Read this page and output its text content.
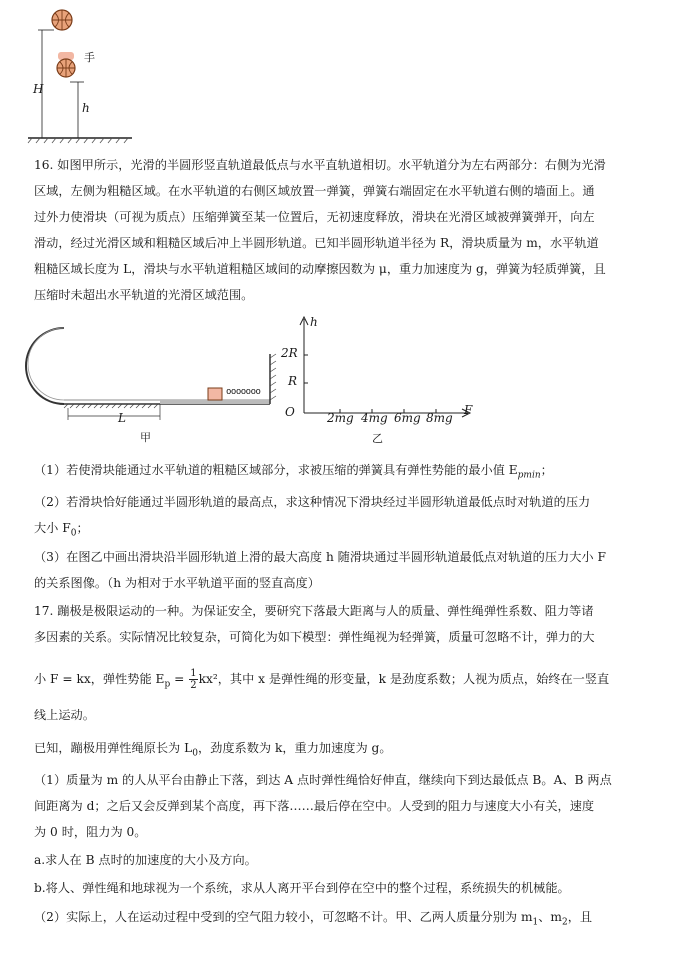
H
h
手
16. 如图甲所示，光滑的半圆形竖直轨道最低点与水平直轨道相切。水平轨道分为左右两部分：右侧为光滑
区域，左侧为粗糙区域。在水平轨道的右侧区域放置一弹簧，弹簧右端固定在水平轨道右侧的墙面上。通
过外力使滑块（可视为质点）压缩弹簧至某一位置后，无初速度释放，滑块在光滑区域被弹簧弹开，向左
滑动，经过光滑区域和粗糙区域后冲上半圆形轨道。已知半圆形轨道半径为 R，滑块质量为 m，水平轨道
粗糙区域长度为 L，滑块与水平轨道粗糙区域间的动摩擦因数为 μ，重力加速度为 g，弹簧为轻质弹簧，且
压缩时未超出水平轨道的光滑区域范围。
L
ooooooo
甲
h
F
O
2R
R
2mg 4mg 6mg 8mg
乙
（1）若使滑块能通过水平轨道的粗糙区域部分，求被压缩的弹簧具有弹性势能的最小值 $E_{pmin}$；
（2）若滑块恰好能通过半圆形轨道的最高点，求这种情况下滑块经过半圆形轨道最低点时对轨道的压力
大小 $F_0$；
（3）在图乙中画出滑块沿半圆形轨道上滑的最大高度 h 随滑块通过半圆形轨道最低点对轨道的压力大小 F
的关系图像。（h 为相对于水平轨道平面的竖直高度）
17. 蹦极是极限运动的一种。为保证安全，要研究下落最大距离与人的质量、弹性绳弹性系数、阻力等诸
多因素的关系。实际情况比较复杂，可简化为如下模型：弹性绳视为轻弹簧，质量可忽略不计，弹力的大
小 F = kx，弹性势能 $E_p = \frac{1}{2} kx^2$，其中 x 是弹性绳的形变量，k 是劲度系数；人视为质点，始终在一竖直
线上运动。
已知，蹦极用弹性绳原长为 $L_0$，劲度系数为 k，重力加速度为 g。
（1）质量为 m 的人从平台由静止下落，到达 A 点时弹性绳恰好伸直，继续向下到达最低点 B。A、B 两点
间距离为 d；之后又会反弹到某个高度，再下落……最后停在空中。人受到的阻力与速度大小有关，速度
为 0 时，阻力为 0。
a.求人在 B 点时的加速度的大小及方向。
b.将人、弹性绳和地球视为一个系统，求从人离开平台到停在空中的整个过程，系统损失的机械能。
（2）实际上，人在运动过程中受到的空气阻力较小，可忽略不计。甲、乙两人质量分别为 $m_1$、$m_2$，且
